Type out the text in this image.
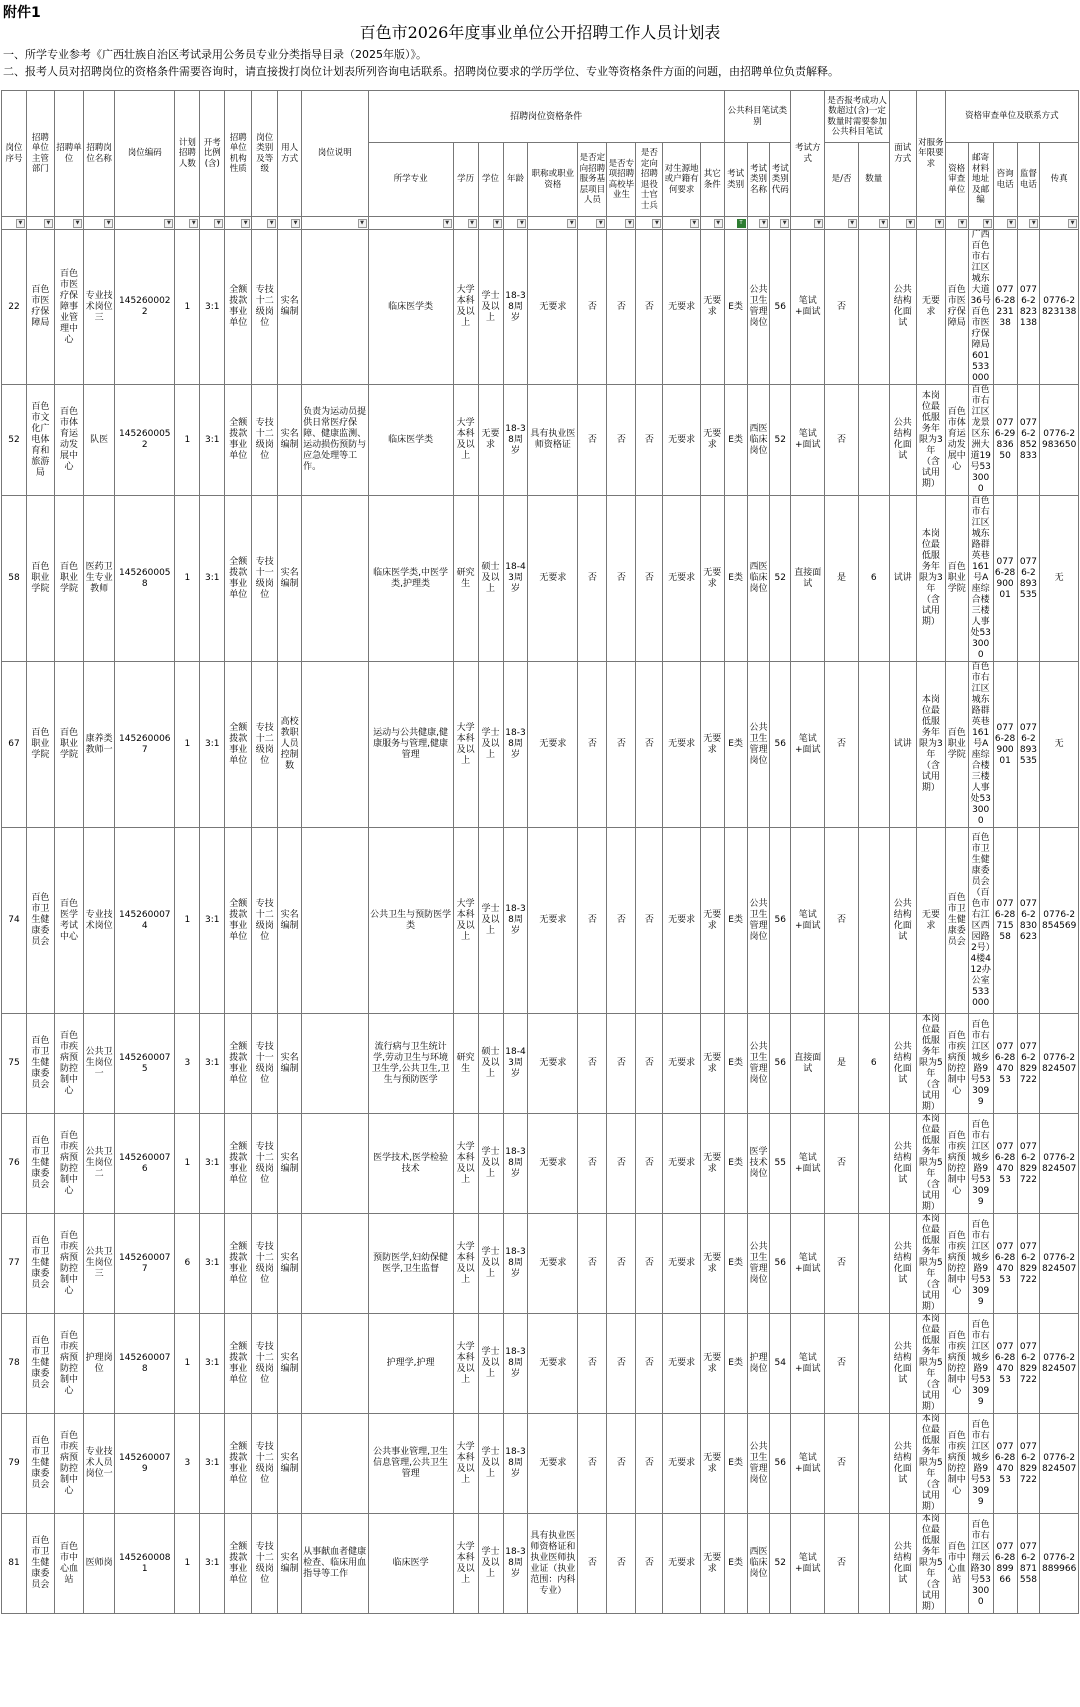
附件1
百色市2026年度事业单位公开招聘工作人员计划表
一、所学专业参考《广西壮族自治区考试录用公务员专业分类指导目录（2025年版）》。
二、报考人员对招聘岗位的资格条件需要咨询时，请直接拨打岗位计划表所列咨询电话联系。招聘岗位要求的学历学位、专业等资格条件方面的问题，由招聘单位负责解释。
岗位序号	招聘单位主管部门	招聘单位	招聘岗位名称	岗位编码	计划招聘人数	开考比例(含)	招聘单位机构性质	岗位类别及等级	用人方式	岗位说明	招聘岗位资格条件										公共科目笔试类别			考试方式	是否报考成功人数超过(含)一定数量时需要参加公共科目笔试		面试方式	对服务年限要求	资格审查单位及联系方式				
											所学专业	学历	学位	年龄	职称或职业资格	是否定向招聘服务基层项目人员	是否专项招聘高校毕业生	是否定向招聘退役士官士兵	对生源地或户籍有何要求	其它条件	考试类别	考试类别名称	考试类别代码		是/否	数量			资格审查单位	邮寄材料地址及邮编	咨询电话	监督电话	传真

▼	▼	▼	▼	▼	▼	▼	▼	▼	▼	▼	▼	▼	▼	▼	▼	▼	▼	▼	▼	▼	T	▼	▼	▼	▼	▼	▼	▼	▼	▼	▼	▼	▼

22	百色市医疗保障局	百色市医疗保障事业管理中心	专业技术岗位三	1452600022	1	3:1	全额拨款事业单位	专技十二级岗位	实名编制		临床医学类	大学本科及以上	学士及以上	18-38周岁	无要求	否	否	否	无要求	无要求	E类	公共卫生管理岗位	56	笔试+面试	否		公共结构化面试	无要求	百色市医疗保障局	广西百色市右江区城东大道36号百色市医疗保障局601533000	0776-2823138	0776-2823138	0776-2823138
52	百色市文化广电体育和旅游局	百色市体育运动发展中心	队医	1452600052	1	3:1	全额拨款事业单位	专技十二级岗位	实名编制	负责为运动员提供日常医疗保障、健康监测、运动损伤预防与应急处理等工作。	临床医学类	大学本科及以上	无要求	18-38周岁	具有执业医师资格证	否	否	否	无要求	无要求	E类	西医临床岗位	52	笔试+面试	否		公共结构化面试	本岗位最低服务年限为3年（含试用期）	百色市体育运动发展中心	百色市右江区龙景区东洲大道19号533000	0776-2983650	0776-2852833	0776-2983650
58	百色职业学院	百色职业学院	医药卫生专业教师	1452600058	1	3:1	全额拨款事业单位	专技十一级岗位	实名编制		临床医学类,中医学类,护理类	研究生	硕士及以上	18-43周岁	无要求	否	否	否	无要求	无要求	E类	西医临床岗位	52	直接面试	是	6	试讲	本岗位最低服务年限为3年（含试用期）	百色职业学院	百色市右江区城东路群英巷161号A座综合楼三楼人事处533000	0776-2890001	0776-2893535	无
67	百色职业学院	百色职业学院	康养类教师一	1452600067	1	3:1	全额拨款事业单位	专技十二级岗位	高校教职人员控制数		运动与公共健康,健康服务与管理,健康管理	大学本科及以上	学士及以上	18-38周岁	无要求	否	否	否	无要求	无要求	E类	公共卫生管理岗位	56	笔试+面试	否		试讲	本岗位最低服务年限为3年（含试用期）	百色职业学院	百色市右江区城东路群英巷161号A座综合楼三楼人事处533000	0776-2890001	0776-2893535	无
74	百色市卫生健康委员会	百色医学考试中心	专业技术岗位	1452600074	1	3:1	全额拨款事业单位	专技十二级岗位	实名编制		公共卫生与预防医学类	大学本科及以上	学士及以上	18-38周岁	无要求	否	否	否	无要求	无要求	E类	公共卫生管理岗位	56	笔试+面试	否		公共结构化面试	无要求	百色市卫生健康委员会	百色市卫生健康委员会（百色市右江区西园路2号）4楼412办公室533000	0776-2871558	0776-2830623	0776-2854569
75	百色市卫生健康委员会	百色市疾病预防控制中心	公共卫生岗位一	1452600075	3	3:1	全额拨款事业单位	专技十一级岗位	实名编制		流行病与卫生统计学,劳动卫生与环境卫生学,公共卫生,卫生与预防医学	研究生	硕士及以上	18-43周岁	无要求	否	否	否	无要求	无要求	E类	公共卫生管理岗位	56	直接面试	是	6	公共结构化面试	本岗位最低服务年限为5年（含试用期）	百色市疾病预防控制中心	百色市右江区城乡路9号533099	0776-2847053	0776-2829722	0776-2824507
76	百色市卫生健康委员会	百色市疾病预防控制中心	公共卫生岗位二	1452600076	1	3:1	全额拨款事业单位	专技十二级岗位	实名编制		医学技术,医学检验技术	大学本科及以上	学士及以上	18-38周岁	无要求	否	否	否	无要求	无要求	E类	医学技术岗位	55	笔试+面试	否		公共结构化面试	本岗位最低服务年限为5年（含试用期）	百色市疾病预防控制中心	百色市右江区城乡路9号533099	0776-2847053	0776-2829722	0776-2824507
77	百色市卫生健康委员会	百色市疾病预防控制中心	公共卫生岗位三	1452600077	6	3:1	全额拨款事业单位	专技十二级岗位	实名编制		预防医学,妇幼保健医学,卫生监督	大学本科及以上	学士及以上	18-38周岁	无要求	否	否	否	无要求	无要求	E类	公共卫生管理岗位	56	笔试+面试	否		公共结构化面试	本岗位最低服务年限为5年（含试用期）	百色市疾病预防控制中心	百色市右江区城乡路9号533099	0776-2847053	0776-2829722	0776-2824507
78	百色市卫生健康委员会	百色市疾病预防控制中心	护理岗位	1452600078	1	3:1	全额拨款事业单位	专技十二级岗位	实名编制		护理学,护理	大学本科及以上	学士及以上	18-38周岁	无要求	否	否	否	无要求	无要求	E类	护理岗位	54	笔试+面试	否		公共结构化面试	本岗位最低服务年限为5年（含试用期）	百色市疾病预防控制中心	百色市右江区城乡路9号533099	0776-2847053	0776-2829722	0776-2824507
79	百色市卫生健康委员会	百色市疾病预防控制中心	专业技术人员岗位一	1452600079	3	3:1	全额拨款事业单位	专技十二级岗位	实名编制		公共事业管理,卫生信息管理,公共卫生管理	大学本科及以上	学士及以上	18-38周岁	无要求	否	否	否	无要求	无要求	E类	公共卫生管理岗位	56	笔试+面试	否		公共结构化面试	本岗位最低服务年限为5年（含试用期）	百色市疾病预防控制中心	百色市右江区城乡路9号533099	0776-2847053	0776-2829722	0776-2824507
81	百色市卫生健康委员会	百色市中心血站	医师岗	1452600081	1	3:1	全额拨款事业单位	专技十二级岗位	实名编制	从事献血者健康检查、临床用血指导等工作	临床医学	大学本科及以上	学士及以上	18-38周岁	具有执业医师资格证和执业医师执业证（执业范围：内科专业）	否	否	否	无要求	无要求	E类	西医临床岗位	52	笔试+面试	否		公共结构化面试	本岗位最低服务年限为5年（含试用期）	百色市中心血站	百色市右江区翔云路30号533000	0776-2889966	0776-2871558	0776-2889966
